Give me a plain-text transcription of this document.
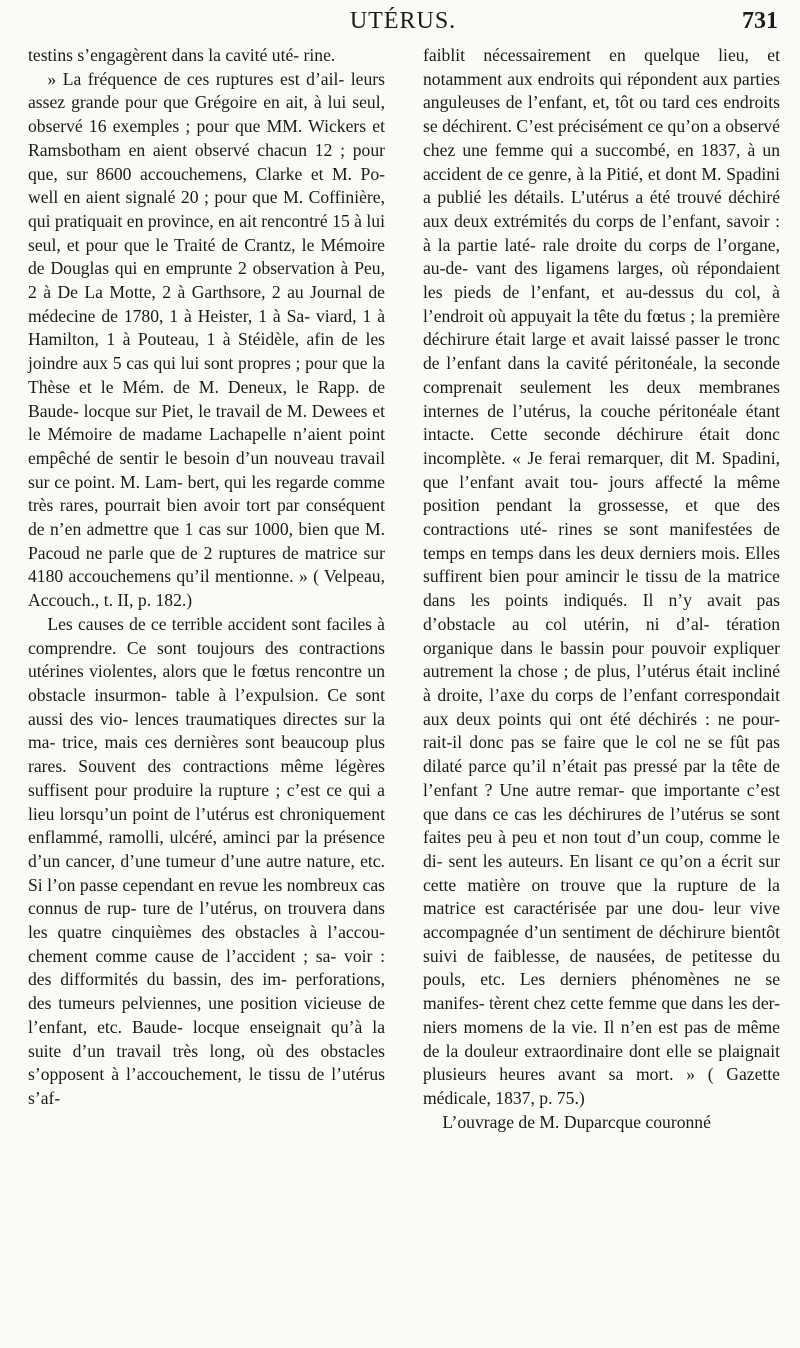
UTÉRUS.	731

testins s’engagèrent dans la cavité uté- rine.

» La fréquence de ces ruptures est d’ail- leurs assez grande pour que Grégoire en ait, à lui seul, observé 16 exemples ; pour que MM. Wickers et Ramsbotham en aient observé chacun 12 ; pour que, sur 8600 accouchemens, Clarke et M. Po- well en aient signalé 20 ; pour que M. Coffinière, qui pratiquait en province, en ait rencontré 15 à lui seul, et pour que le Traité de Crantz, le Mémoire de Douglas qui en emprunte 2 observation à Peu, 2 à De La Motte, 2 à Garthsore, 2 au Journal de médecine de 1780, 1 à Heister, 1 à Sa- viard, 1 à Hamilton, 1 à Pouteau, 1 à Stéidèle, afin de les joindre aux 5 cas qui lui sont propres ; pour que la Thèse et le Mém. de M. Deneux, le Rapp. de Baude- locque sur Piet, le travail de M. Dewees et le Mémoire de madame Lachapelle n’aient point empêché de sentir le besoin d’un nouveau travail sur ce point. M. Lam- bert, qui les regarde comme très rares, pourrait bien avoir tort par conséquent de n’en admettre que 1 cas sur 1000, bien que M. Pacoud ne parle que de 2 ruptures de matrice sur 4180 accouchemens qu’il mentionne. » ( Velpeau, Accouch., t. II, p. 182.)

Les causes de ce terrible accident sont faciles à comprendre. Ce sont toujours des contractions utérines violentes, alors que le fœtus rencontre un obstacle insurmon- table à l’expulsion. Ce sont aussi des vio- lences traumatiques directes sur la ma- trice, mais ces dernières sont beaucoup plus rares. Souvent des contractions même légères suffisent pour produire la rupture ; c’est ce qui a lieu lorsqu’un point de l’utérus est chroniquement enflammé, ramolli, ulcéré, aminci par la présence d’un cancer, d’une tumeur d’une autre nature, etc. Si l’on passe cependant en revue les nombreux cas connus de rup- ture de l’utérus, on trouvera dans les quatre cinquièmes des obstacles à l’accou- chement comme cause de l’accident ; sa- voir : des difformités du bassin, des im- perforations, des tumeurs pelviennes, une position vicieuse de l’enfant, etc. Baude- locque enseignait qu’à la suite d’un travail très long, où des obstacles s’opposent à l’accouchement, le tissu de l’utérus s’af-

faiblit nécessairement en quelque lieu, et notamment aux endroits qui répondent aux parties anguleuses de l’enfant, et, tôt ou tard ces endroits se déchirent. C’est précisément ce qu’on a observé chez une femme qui a succombé, en 1837, à un accident de ce genre, à la Pitié, et dont M. Spadini a publié les détails. L’utérus a été trouvé déchiré aux deux extrémités du corps de l’enfant, savoir : à la partie laté- rale droite du corps de l’organe, au-de- vant des ligamens larges, où répondaient les pieds de l’enfant, et au-dessus du col, à l’endroit où appuyait la tête du fœtus ; la première déchirure était large et avait laissé passer le tronc de l’enfant dans la cavité péritonéale, la seconde comprenait seulement les deux membranes internes de l’utérus, la couche péritonéale étant intacte. Cette seconde déchirure était donc incomplète. « Je ferai remarquer, dit M. Spadini, que l’enfant avait tou- jours affecté la même position pendant la grossesse, et que des contractions uté- rines se sont manifestées de temps en temps dans les deux derniers mois. Elles suffirent bien pour amincir le tissu de la matrice dans les points indiqués. Il n’y avait pas d’obstacle au col utérin, ni d’al- tération organique dans le bassin pour pouvoir expliquer autrement la chose ; de plus, l’utérus était incliné à droite, l’axe du corps de l’enfant correspondait aux deux points qui ont été déchirés : ne pour- rait-il donc pas se faire que le col ne se fût pas dilaté parce qu’il n’était pas pressé par la tête de l’enfant ? Une autre remar- que importante c’est que dans ce cas les déchirures de l’utérus se sont faites peu à peu et non tout d’un coup, comme le di- sent les auteurs. En lisant ce qu’on a écrit sur cette matière on trouve que la rupture de la matrice est caractérisée par une dou- leur vive accompagnée d’un sentiment de déchirure bientôt suivi de faiblesse, de nausées, de petitesse du pouls, etc. Les derniers phénomènes ne se manifes- tèrent chez cette femme que dans les der- niers momens de la vie. Il n’en est pas de même de la douleur extraordinaire dont elle se plaignait plusieurs heures avant sa mort. » ( Gazette médicale, 1837, p. 75.)

L’ouvrage de M. Duparcque couronné
